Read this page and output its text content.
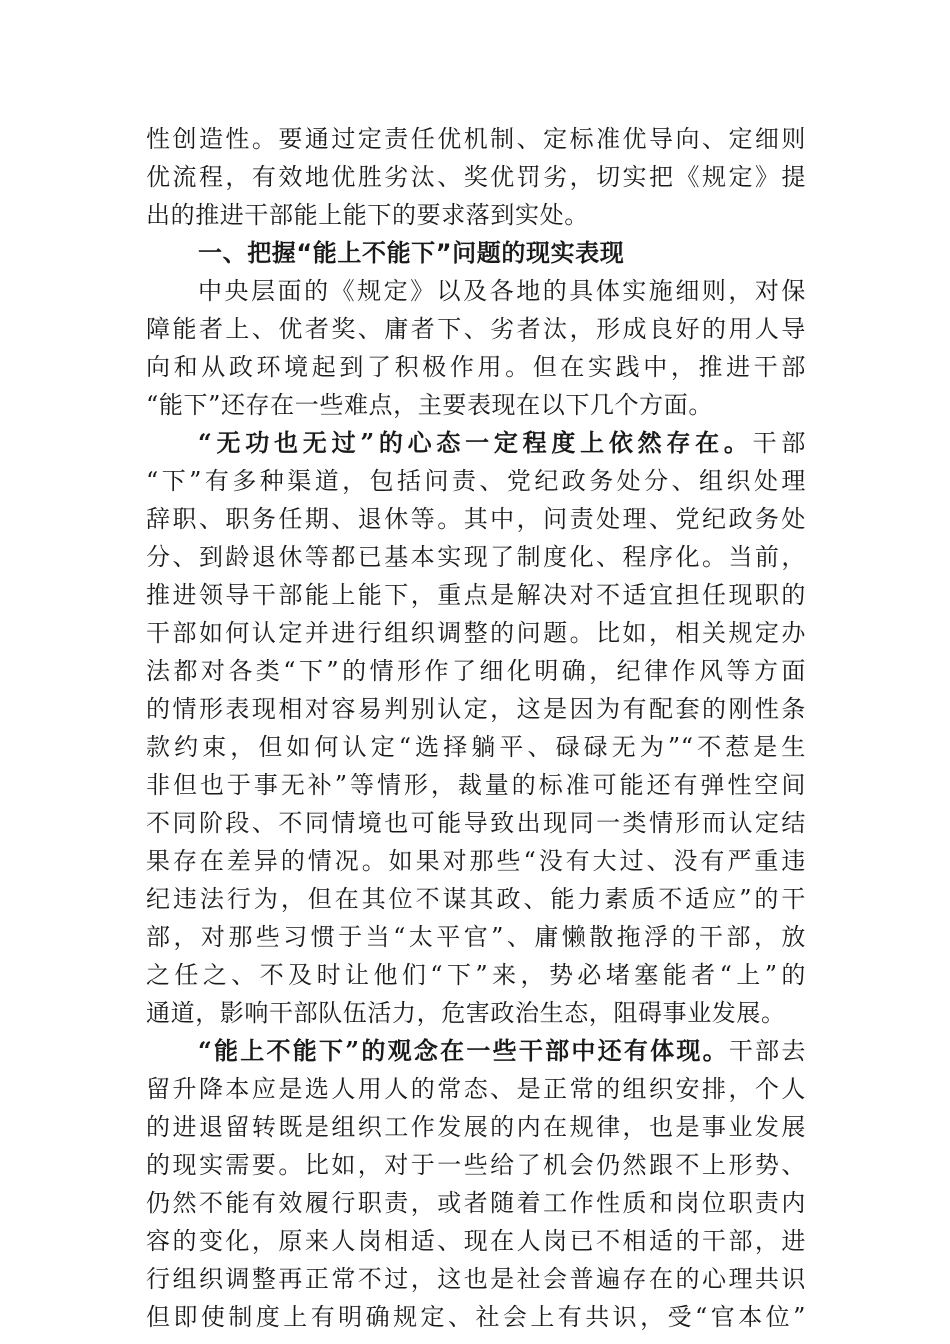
性创造性。要通过定责任优机制、定标准优导向、定细则
优流程，有效地优胜劣汰、奖优罚劣，切实把《规定》提
出的推进干部能上能下的要求落到实处。
一、把握“能上不能下”问题的现实表现
中央层面的《规定》以及各地的具体实施细则，对保
障能者上、优者奖、庸者下、劣者汰，形成良好的用人导
向和从政环境起到了积极作用。但在实践中，推进干部
“能下”还存在一些难点，主要表现在以下几个方面。
“无功也无过”的心态一定程度上依然存在。干部
“下”有多种渠道，包括问责、党纪政务处分、组织处理
辞职、职务任期、退休等。其中，问责处理、党纪政务处
分、到龄退休等都已基本实现了制度化、程序化。当前，
推进领导干部能上能下，重点是解决对不适宜担任现职的
干部如何认定并进行组织调整的问题。比如，相关规定办
法都对各类“下”的情形作了细化明确，纪律作风等方面
的情形表现相对容易判别认定，这是因为有配套的刚性条
款约束，但如何认定“选择躺平、碌碌无为”“不惹是生
非但也于事无补”等情形，裁量的标准可能还有弹性空间
不同阶段、不同情境也可能导致出现同一类情形而认定结
果存在差异的情况。如果对那些“没有大过、没有严重违
纪违法行为，但在其位不谋其政、能力素质不适应”的干
部，对那些习惯于当“太平官”、庸懒散拖浮的干部，放
之任之、不及时让他们“下”来，势必堵塞能者“上”的
通道，影响干部队伍活力，危害政治生态，阻碍事业发展。
“能上不能下”的观念在一些干部中还有体现。干部去
留升降本应是选人用人的常态、是正常的组织安排，个人
的进退留转既是组织工作发展的内在规律，也是事业发展
的现实需要。比如，对于一些给了机会仍然跟不上形势、
仍然不能有效履行职责，或者随着工作性质和岗位职责内
容的变化，原来人岗相适、现在人岗已不相适的干部，进
行组织调整再正常不过，这也是社会普遍存在的心理共识
但即使制度上有明确规定、社会上有共识，受“官本位”
